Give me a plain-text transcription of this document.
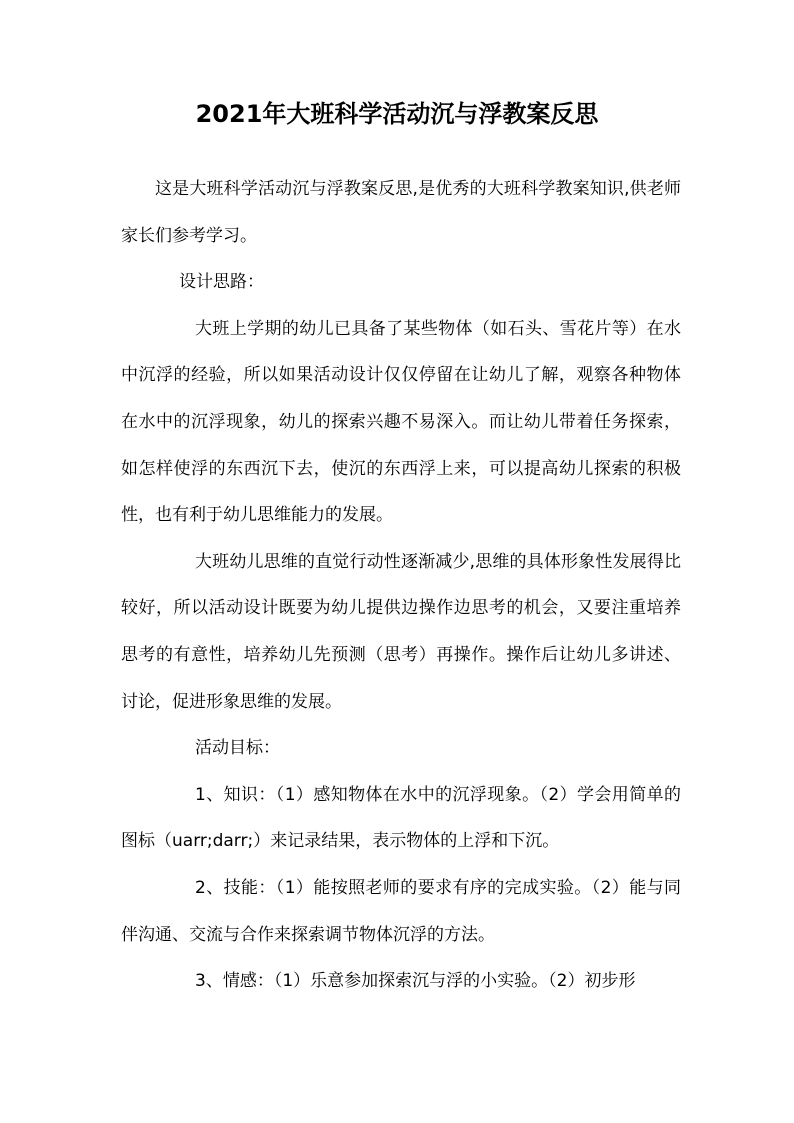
2021年大班科学活动沉与浮教案反思

这是大班科学活动沉与浮教案反思,是优秀的大班科学教案知识,供老师家长们参考学习。

设计思路：

大班上学期的幼儿已具备了某些物体（如石头、雪花片等）在水中沉浮的经验，所以如果活动设计仅仅停留在让幼儿了解，观察各种物体在水中的沉浮现象，幼儿的探索兴趣不易深入。而让幼儿带着任务探索，如怎样使浮的东西沉下去，使沉的东西浮上来，可以提高幼儿探索的积极性，也有利于幼儿思维能力的发展。

大班幼儿思维的直觉行动性逐渐减少,思维的具体形象性发展得比较好，所以活动设计既要为幼儿提供边操作边思考的机会，又要注重培养思考的有意性，培养幼儿先预测（思考）再操作。操作后让幼儿多讲述、讨论，促进形象思维的发展。

活动目标：

1、知识：（1）感知物体在水中的沉浮现象。（2）学会用简单的图标（uarr;darr;）来记录结果，表示物体的上浮和下沉。

2、技能：（1）能按照老师的要求有序的完成实验。（2）能与同伴沟通、交流与合作来探索调节物体沉浮的方法。

3、情感：（1）乐意参加探索沉与浮的小实验。（2）初步形
